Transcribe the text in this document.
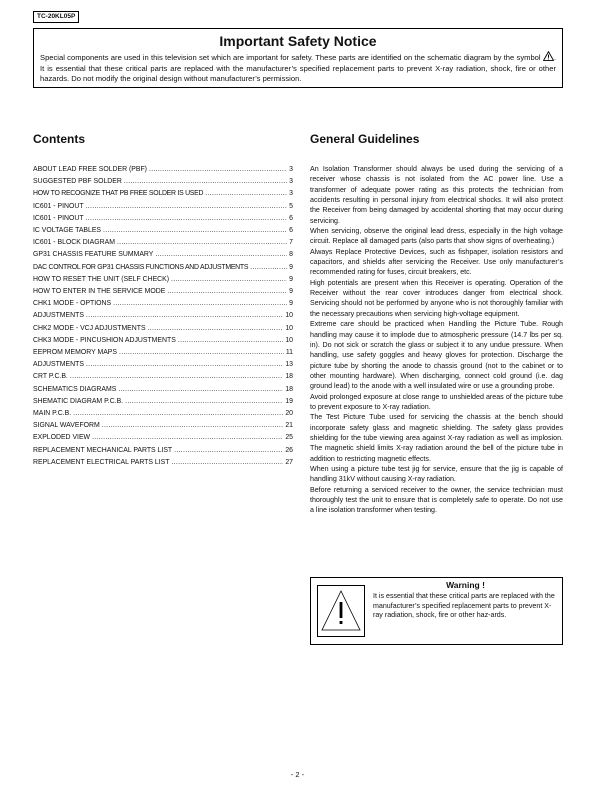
TC-20KL05P
Important Safety Notice
Special components are used in this television set which are important for safety. These parts are identified on the schematic diagram by the symbol . It is essential that these critical parts are replaced with the manufacturer’s specified replacement parts to prevent X-ray radiation, shock, fire or other hazards. Do not modify the original design without manufacturer’s permission.
Contents
ABOUT LEAD FREE SOLDER (PBF) .....	3
SUGGESTED PBF SOLDER .....	3
HOW TO RECOGNIZE THAT PB FREE SOLDER IS USED .....	3
IC601 - PINOUT .....	5
IC601 - PINOUT .....	6
IC VOLTAGE TABLES .....	6
IC601 - BLOCK DIAGRAM .....	7
GP31 CHASSIS FEATURE SUMMARY .....	8
DAC CONTROL FOR GP31 CHASSIS FUNCTIONS AND ADJUSTMENTS .....	9
HOW TO RESET THE UNIT (SELF CHECK) .....	9
HOW TO ENTER IN THE SERVICE MODE .....	9
CHK1 MODE - OPTIONS .....	9
ADJUSTMENTS .....	10
CHK2 MODE - VCJ ADJUSTMENTS .....	10
CHK3 MODE - PINCUSHION ADJUSTMENTS .....	10
EEPROM MEMORY MAPS .....	11
ADJUSTMENTS .....	13
CRT P.C.B. .....	18
SCHEMATICS DIAGRAMS .....	18
SHEMATIC DIAGRAM P.C.B. .....	19
MAIN P.C.B. .....	20
SIGNAL WAVEFORM .....	21
EXPLODED VIEW .....	25
REPLACEMENT MECHANICAL PARTS LIST .....	26
REPLACEMENT ELECTRICAL PARTS LIST .....	27
General Guidelines

An Isolation Transformer should always be used during the servicing of a receiver whose chassis is not isolated from the AC power line. Use a transformer of adequate power rating as this protects the technician from accidents resulting in personal injury from electrical shocks. It will also protect the Receiver from being damaged by accidental shorting that may occur during servicing.

When servicing, observe the original lead dress, especially in the high voltage circuit. Replace all damaged parts (also parts that show signs of overheating.)

Always Replace Protective Devices, such as fishpaper, isolation resistors and capacitors, and shields after servicing the Receiver. Use only manufacturer’s recommended rating for fuses, circuit breakers, etc.

High potentials are present when this Receiver is operating. Operation of the Receiver without the rear cover introduces danger from electrical shock. Servicing should not be performed by anyone who is not thoroughly familiar with the necessary precautions when servicing high-voltage equipment.

Extreme care should be practiced when Handling the Picture Tube. Rough handling may cause it to implode due to atmospheric pressure (14.7 lbs per sq. in). Do not sick or scratch the glass or subject it to any undue pressure. When handling, use safety goggles and heavy gloves for protection. Discharge the picture tube by shorting the anode to chassis ground (not to the cabinet or to other mounting hardware). When discharging, connect cold ground (i.e. dag ground lead) to the anode with a well insulated wire or use a grounding probe.

Avoid prolonged exposure at close range to unshielded areas of the picture tube to prevent exposure to X-ray radiation.

The Test Picture Tube used for servicing the chassis at the bench should incorporate safety glass and magnetic shielding. The safety glass provides shielding for the tube viewing area against X-ray radiation as well as implosion. The magnetic shield limits X-ray radiation around the bell of the picture tube in addition to restricting magnetic effects.

When using a picture tube test jig for service, ensure that the jig is capable of handling 31kV without causing X-ray radiation.

Before returning a serviced receiver to the owner, the service technician must thoroughly test the unit to ensure that is completely safe to operate. Do not use a line isolation transformer when testing.

Warning !
It is essential that these critical parts are replaced with the manufacturer’s specified replacement parts to prevent X-ray radiation, shock, fire or other haz-ards.
- 2 -
